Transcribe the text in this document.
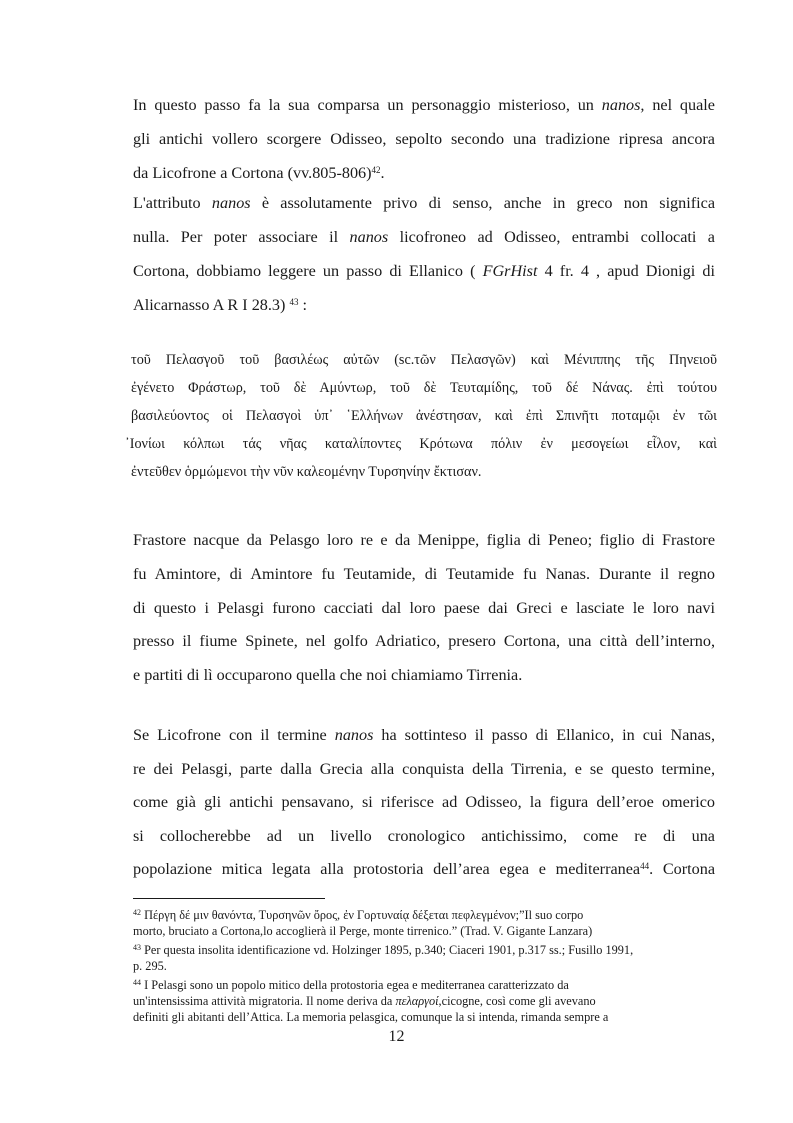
In questo passo fa la sua comparsa un personaggio misterioso, un nanos, nel quale
gli antichi vollero scorgere Odisseo, sepolto secondo una tradizione ripresa ancora
da Licofrone a Cortona $(vv.805-806)^{42}$.
L'attributo nanos è assolutamente privo di senso, anche in greco non significa
nulla. Per poter associare il nanos licofroneo ad Odisseo, entrambi collocati a
Cortona, dobbiamo leggere un passo di Ellanico ( FGrHist 4 fr. 4 , apud Dionigi di
Alicarnasso A R I 28.3) $^{43}$ :
τοῦ Πελασγοῦ τοῦ βασιλέως αὐτῶν (sc.τῶν Πελασγῶν) καὶ Μένιππης τῆς Πηνειοῦ
ἐγένετο Φράστωρ, τοῦ δὲ Αμύντωρ, τοῦ δὲ Τευταμίδης, τοῦ δέ Νάνας. ἐπὶ τούτου
βασιλεύοντος οἱ Πελασγοὶ ὑπ᾽ ῾Ελλήνων ἀνέστησαν, καὶ ἐπὶ Σπινῆτι ποταμῷι ἐν τῶι
᾿Ιονίωι κόλπωι τάς νῆας καταλίποντες Κρότωνα πόλιν ἐν μεσογείωι εἷλον, καὶ
ἐντεῦθεν ὁρμώμενοι τὴν νῦν καλεομένην Τυρσηνίην ἔκτισαν.
Frastore nacque da Pelasgo loro re e da Menippe, figlia di Peneo; figlio di Frastore
fu Amintore, di Amintore fu Teutamide, di Teutamide fu Nanas. Durante il regno
di questo i Pelasgi furono cacciati dal loro paese dai Greci e lasciate le loro navi
presso il fiume Spinete, nel golfo Adriatico, presero Cortona, una città dell’interno,
e partiti di lì occuparono quella che noi chiamiamo Tirrenia.
Se Licofrone con il termine nanos ha sottinteso il passo di Ellanico, in cui Nanas,
re dei Pelasgi, parte dalla Grecia alla conquista della Tirrenia, e se questo termine,
come già gli antichi pensavano, si riferisce ad Odisseo, la figura dell’eroe omerico
si collocherebbe ad un livello cronologico antichissimo, come re di una
popolazione mitica legata alla protostoria dell’area egea e mediterranea$^{44}$. Cortona
$^{42}$ Πέργη δέ μιν θανόντα, Τυρσηνῶν ὄρος, ἐν Γορτυναίᾳ δέξεται πεφλεγμένον;”Il suo corpo
morto, bruciato a Cortona,lo accoglierà il Perge, monte tirrenico.” (Trad. V. Gigante Lanzara)
$^{43}$ Per questa insolita identificazione vd. Holzinger 1895, p.340; Ciaceri 1901, p.317 ss.; Fusillo 1991,
p. 295.
$^{44}$ I Pelasgi sono un popolo mitico della protostoria egea e mediterranea caratterizzato da
un'intensissima attività migratoria. Il nome deriva da πελαργοί,cicogne, così come gli avevano
definiti gli abitanti dell’Attica. La memoria pelasgica, comunque la si intenda, rimanda sempre a
12
